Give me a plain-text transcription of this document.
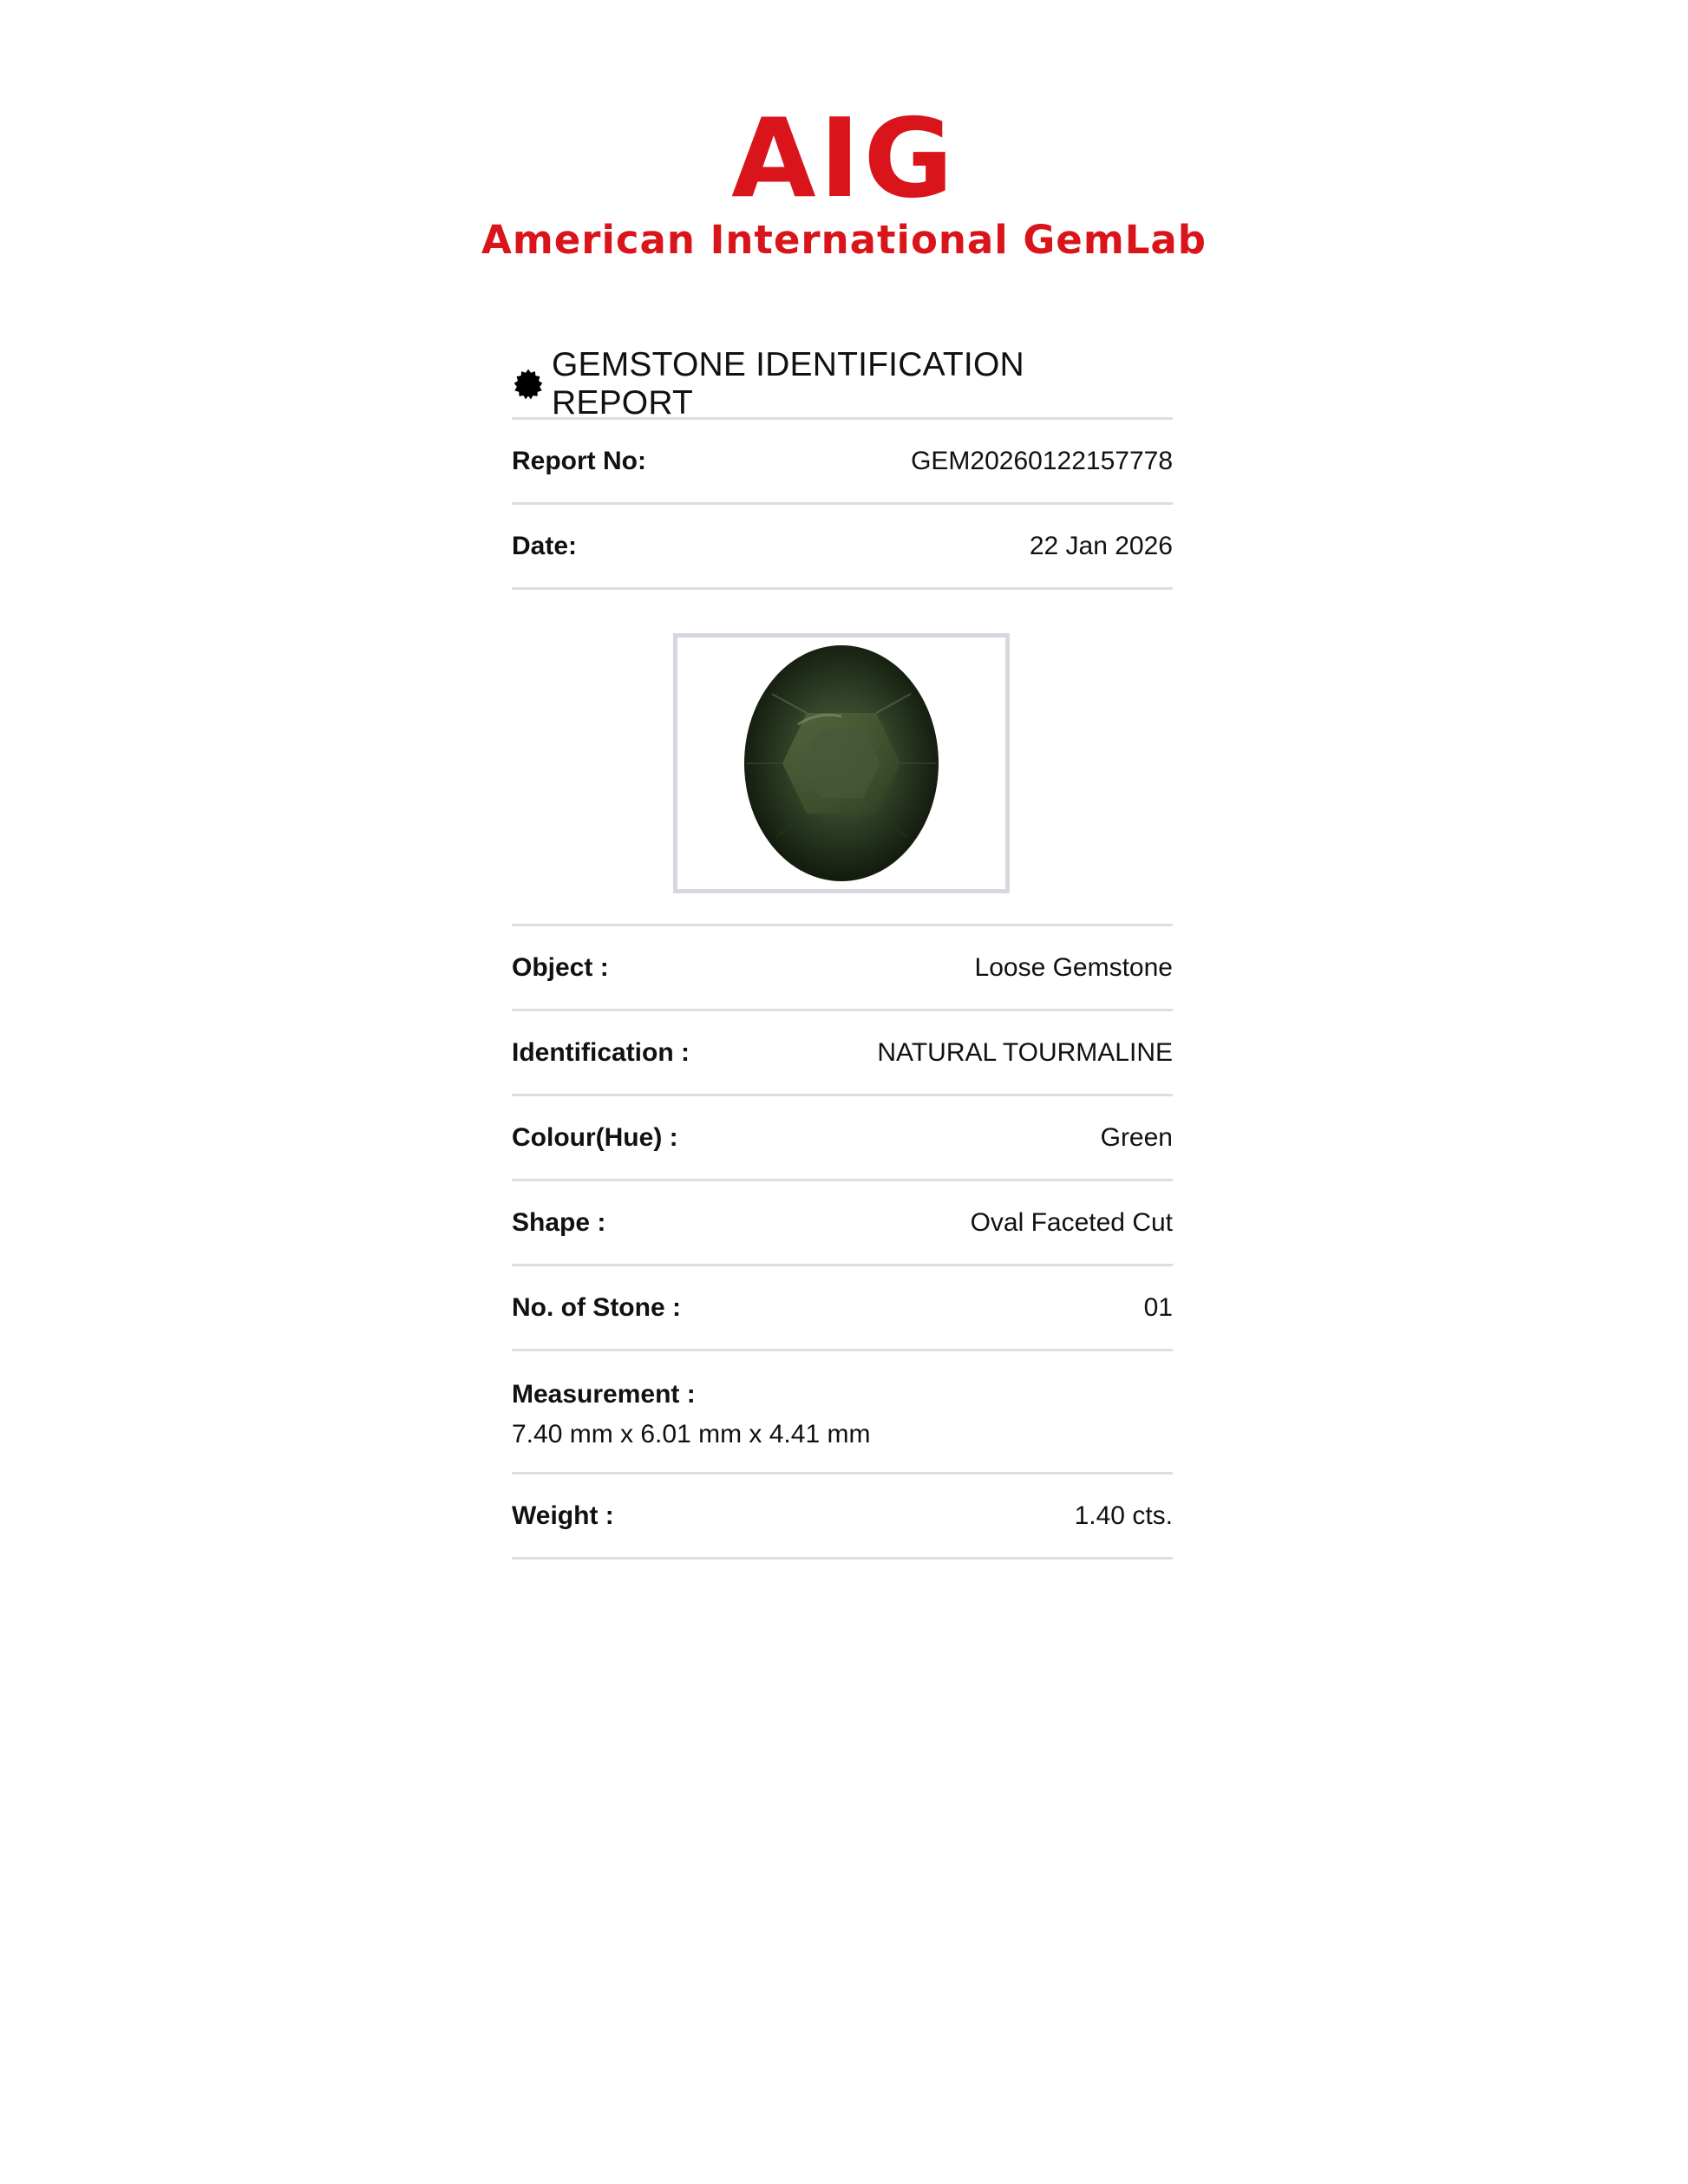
AIG
American International GemLab
GEMSTONE IDENTIFICATION REPORT
Report No:	GEM20260122157778
Date:	22 Jan 2026
Object :	Loose Gemstone
Identification :	NATURAL TOURMALINE
Colour(Hue) :	Green
Shape :	Oval Faceted Cut
No. of Stone :	01
Measurement :
7.40 mm x 6.01 mm x 4.41 mm
Weight :	1.40 cts.
